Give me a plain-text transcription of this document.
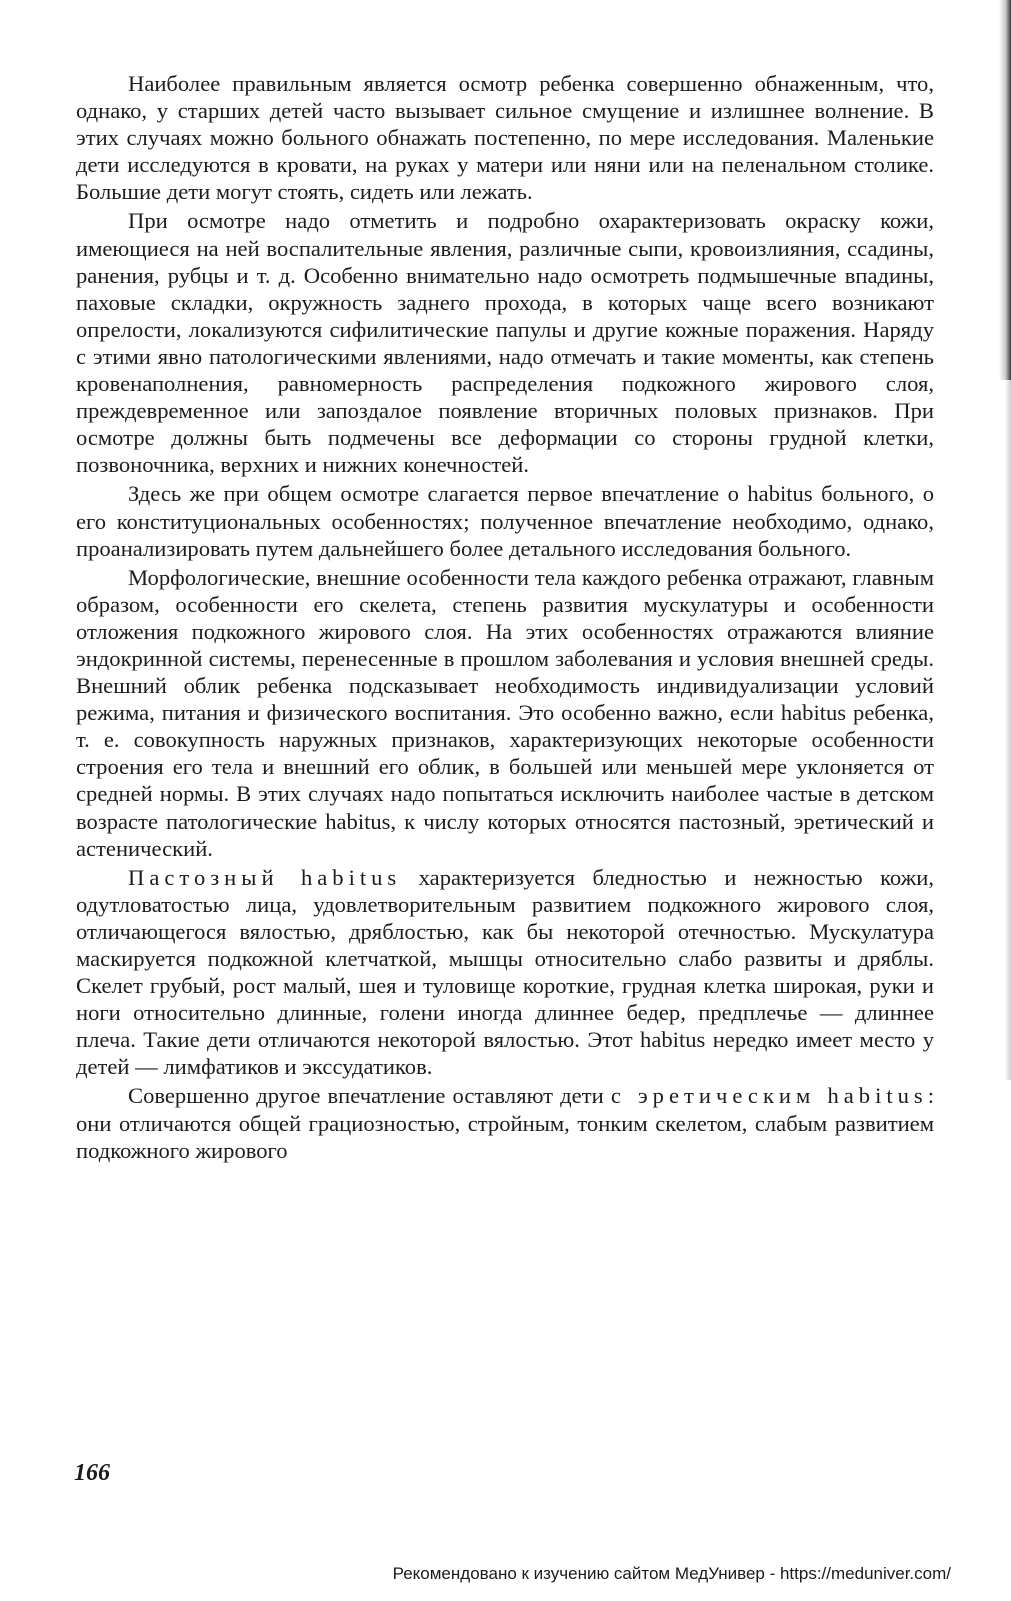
Наиболее правильным является осмотр ребенка совершенно обнаженным, что, однако, у старших детей часто вызывает сильное смущение и излишнее волнение. В этих случаях можно больного обнажать постепенно, по мере исследования. Маленькие дети исследуются в кровати, на руках у матери или няни или на пеленальном столике. Большие дети могут стоять, сидеть или лежать.

При осмотре надо отметить и подробно охарактеризовать окраску кожи, имеющиеся на ней воспалительные явления, различные сыпи, кровоизлияния, ссадины, ранения, рубцы и т. д. Особенно внимательно надо осмотреть подмышечные впадины, паховые складки, окружность заднего прохода, в которых чаще всего возникают опрелости, локализуются сифилитические папулы и другие кожные поражения. Наряду с этими явно патологическими явлениями, надо отмечать и такие моменты, как степень кровенаполнения, равномерность распределения подкожного жирового слоя, преждевременное или запоздалое появление вторичных половых признаков. При осмотре должны быть подмечены все деформации со стороны грудной клетки, позвоночника, верхних и нижних конечностей.

Здесь же при общем осмотре слагается первое впечатление о habitus больного, о его конституциональных особенностях; полученное впечатление необходимо, однако, проанализировать путем дальнейшего более детального исследования больного.

Морфологические, внешние особенности тела каждого ребенка отражают, главным образом, особенности его скелета, степень развития мускулатуры и особенности отложения подкожного жирового слоя. На этих особенностях отражаются влияние эндокринной системы, перенесенные в прошлом заболевания и условия внешней среды. Внешний облик ребенка подсказывает необходимость индивидуализации условий режима, питания и физического воспитания. Это особенно важно, если habitus ребенка, т. е. совокупность наружных признаков, характеризующих некоторые особенности строения его тела и внешний его облик, в большей или меньшей мере уклоняется от средней нормы. В этих случаях надо попытаться исключить наиболее частые в детском возрасте патологические habitus, к числу которых относятся пастозный, эретический и астенический.

Пастозный habitus характеризуется бледностью и нежностью кожи, одутловатостью лица, удовлетворительным развитием подкожного жирового слоя, отличающегося вялостью, дряблостью, как бы некоторой отечностью. Мускулатура маскируется подкожной клетчаткой, мышцы относительно слабо развиты и дряблы. Скелет грубый, рост малый, шея и туловище короткие, грудная клетка широкая, руки и ноги относительно длинные, голени иногда длиннее бедер, предплечье — длиннее плеча. Такие дети отличаются некоторой вялостью. Этот habitus нередко имеет место у детей — лимфатиков и экссудатиков.

Совершенно другое впечатление оставляют дети с эретическим habitus: они отличаются общей грациозностью, стройным, тонким скелетом, слабым развитием подкожного жирового

166
Рекомендовано к изучению сайтом МедУнивер - https://meduniver.com/
